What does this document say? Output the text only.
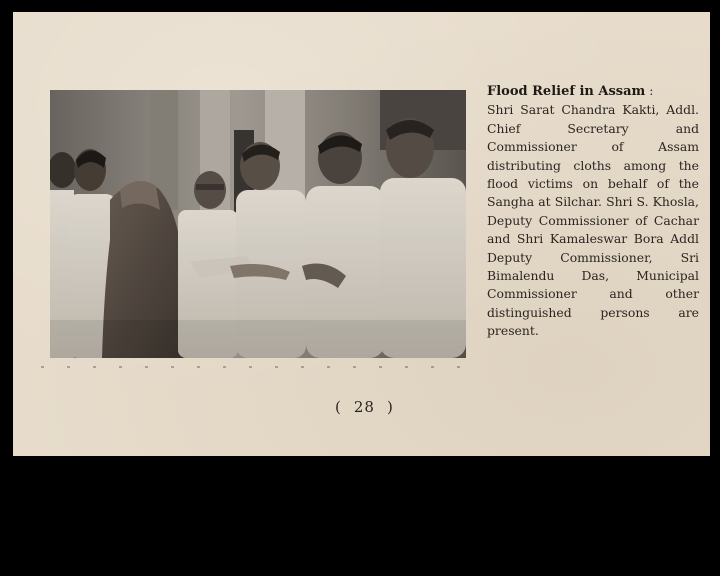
Flood Relief in Assam :
Shri Sarat Chandra Kakti, Addl. Chief Secretary and Commissioner of Assam distributing cloths among the flood victims on behalf of the Sangha at Silchar. Shri S. Khosla, Deputy Commissioner of Cachar and Shri Kamaleswar Bora Addl Deputy Commissioner, Sri Bimalendu Das, Municipal Commissioner and other distinguished persons are present.
( 28 )
